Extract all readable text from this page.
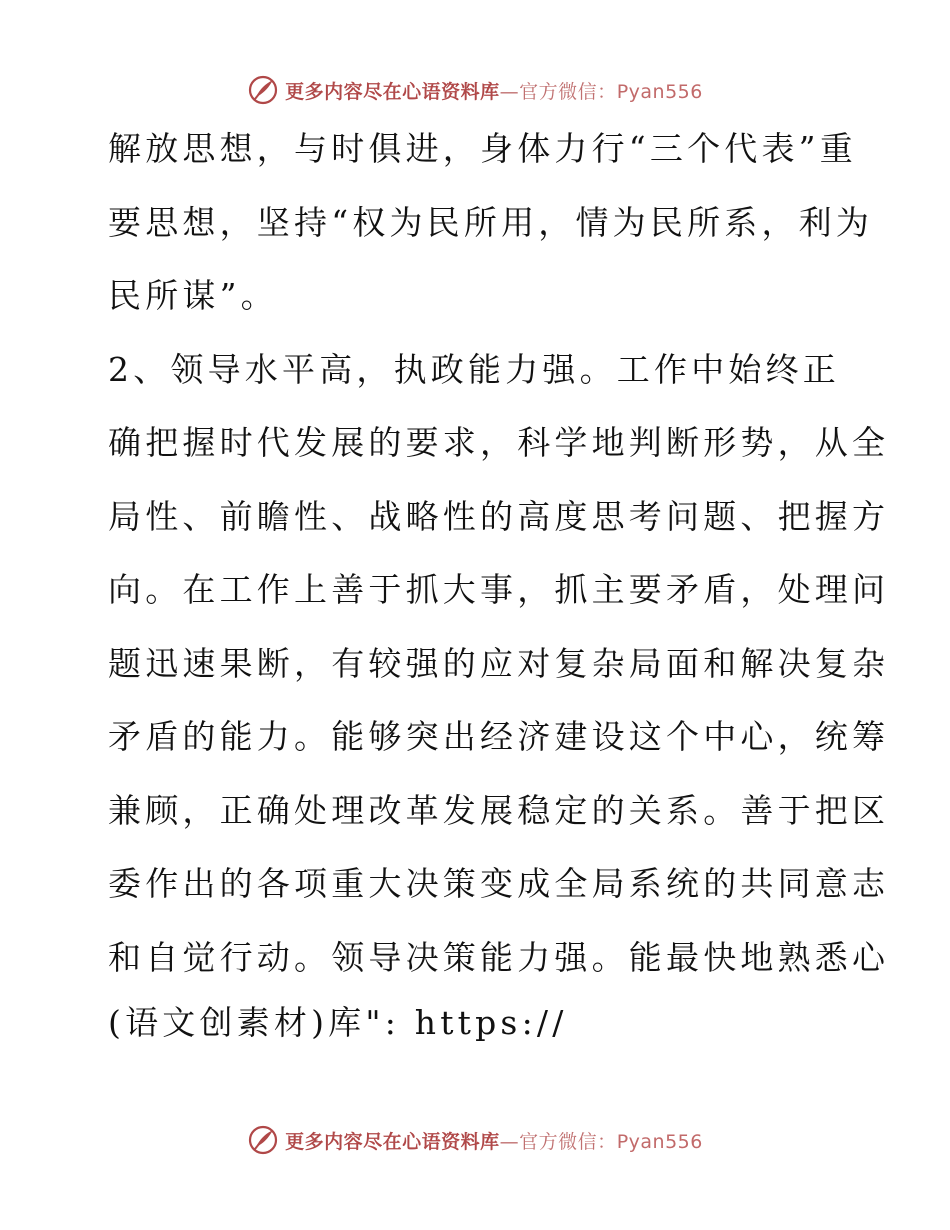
更多内容尽在心语资料库—官方微信：Pyan556
解放思想，与时俱进，身体力行“三个代表”重
要思想，坚持“权为民所用，情为民所系，利为
民所谋”。
2、领导水平高，执政能力强。工作中始终正
确把握时代发展的要求，科学地判断形势，从全
局性、前瞻性、战略性的高度思考问题、把握方
向。在工作上善于抓大事，抓主要矛盾，处理问
题迅速果断，有较强的应对复杂局面和解决复杂
矛盾的能力。能够突出经济建设这个中心，统筹
兼顾，正确处理改革发展稳定的关系。善于把区
委作出的各项重大决策变成全局系统的共同意志
和自觉行动。领导决策能力强。能最快地熟悉心
(语文创素材)库": https://
更多内容尽在心语资料库—官方微信：Pyan556
